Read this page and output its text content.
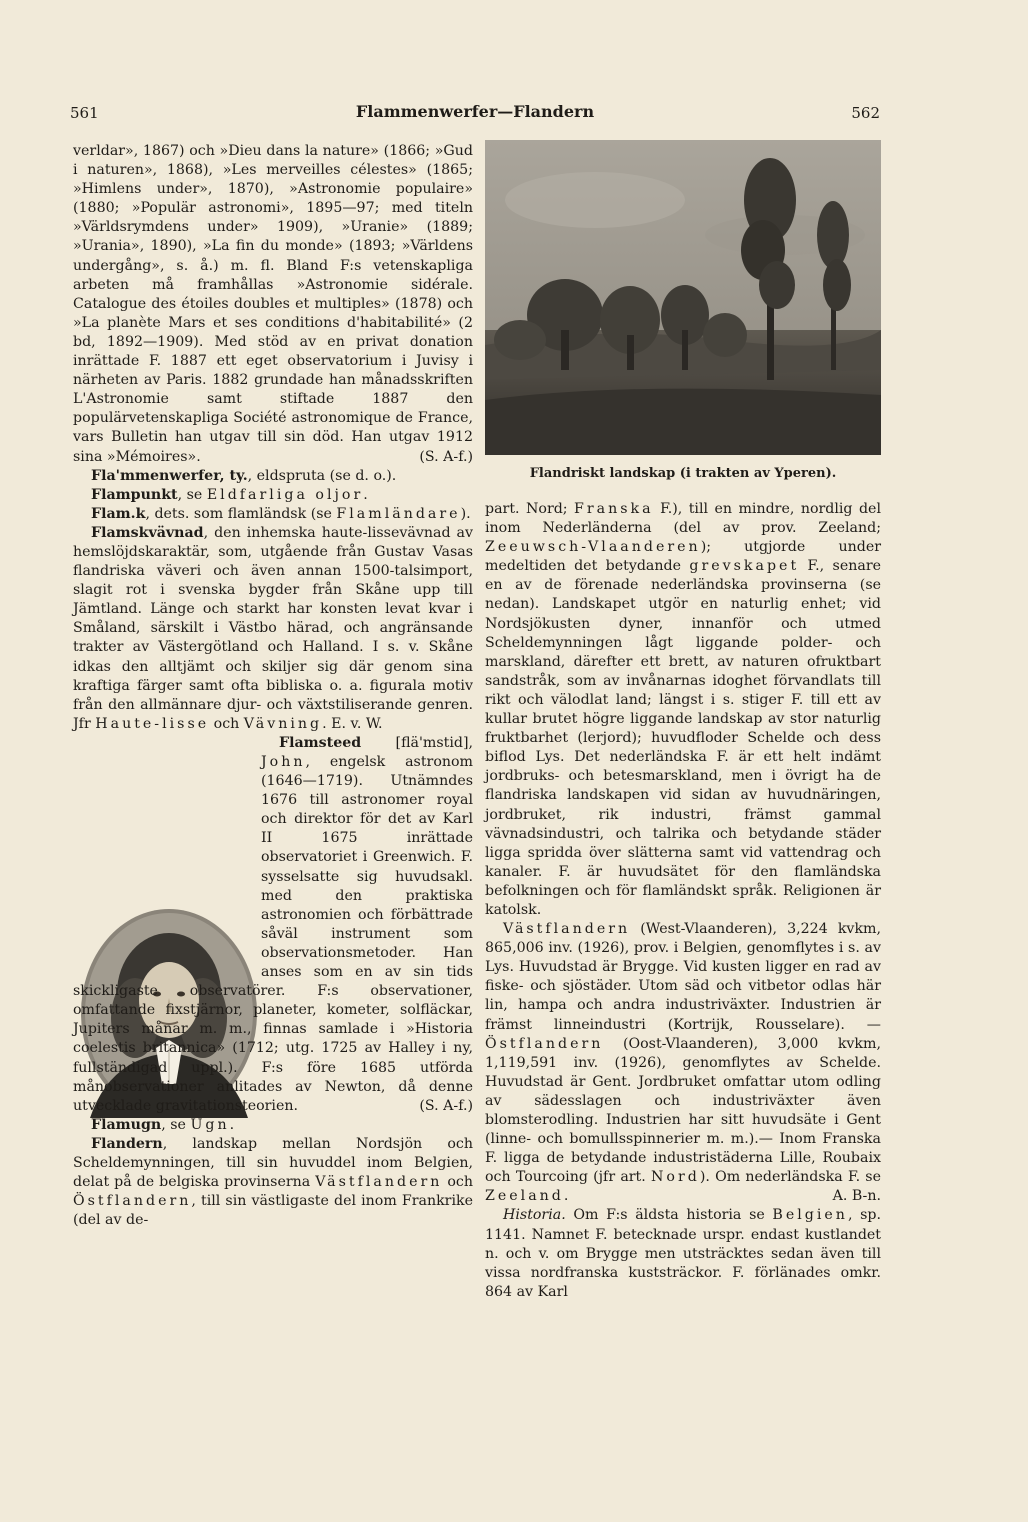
561	Flammenwerfer—Flandern	562
Flandriskt landskap (i trakten av Yperen).

verldar», 1867) och »Dieu dans la nature» (1866; »Gud i naturen», 1868), »Les merveilles célestes» (1865; »Himlens under», 1870), »Astronomie populaire» (1880; »Populär astronomi», 1895—97; med titeln »Världsrymdens under» 1909), »Uranie» (1889; »Urania», 1890), »La fin du monde» (1893; »Världens undergång», s. å.) m. fl. Bland F:s vetenskapliga arbeten må framhållas »Astronomie sidérale. Catalogue des étoiles doubles et multiples» (1878) och »La planète Mars et ses conditions d'habitabilité» (2 bd, 1892—1909). Med stöd av en privat donation inrättade F. 1887 ett eget observatorium i Juvisy i närheten av Paris. 1882 grundade han månadsskriften L'Astronomie samt stiftade 1887 den populärvetenskapliga Société astronomique de France, vars Bulletin han utgav till sin död. Han utgav 1912 sina »Mémoires».	(S. A-f.)

Fla'mmenwerfer, ty., eldspruta (se d. o.).

Flampunkt, se Eldfarliga oljor.

Flam.k, dets. som flamländsk (se Flamländare).

Flamskvävnad, den inhemska haute-lissevävnad av hemslöjdskaraktär, som, utgående från Gustav Vasas flandriska väveri och även annan 1500-talsimport, slagit rot i svenska bygder från Skåne upp till Jämtland. Länge och starkt har konsten levat kvar i Småland, särskilt i Västbo härad, och angränsande trakter av Västergötland och Halland. I s. v. Skåne idkas den alltjämt och skiljer sig där genom sina kraftiga färger samt ofta bibliska o. a. figurala motiv från den allmännare djur- och växtstiliserande genren. Jfr Haute-lisse och Vävning. E. v. W.

Flamsteed [flä'mstid], John, engelsk astronom (1646—1719). Utnämndes 1676 till astronomer royal och direktor för det av Karl II 1675 inrättade observatoriet i Greenwich. F. sysselsatte sig huvudsakl. med den praktiska astronomien och förbättrade såväl instrument som observationsmetoder. Han anses som en av sin tids skickligaste observatörer. F:s observationer, omfattande fixstjärnor, planeter, kometer, solfläckar, Jupiters månar m. m., finnas samlade i »Historia coelestis britannica» (1712; utg. 1725 av Halley i ny, fullständigad uppl.). F:s före 1685 utförda månobservationer anlitades av Newton, då denne utvecklade gravitationsteorien.	(S. A-f.)

Flamugn, se Ugn.

Flandern, landskap mellan Nordsjön och Scheldemynningen, till sin huvuddel inom Belgien, delat på de belgiska provinserna Västflandern och Östflandern, till sin västligaste del inom Frankrike (del av de-

part. Nord; Franska F.), till en mindre, nordlig del inom Nederländerna (del av prov. Zeeland; Zeeuwsch-Vlaanderen); utgjorde under medeltiden det betydande grevskapet F., senare en av de förenade nederländska provinserna (se nedan). Landskapet utgör en naturlig enhet; vid Nordsjökusten dyner, innanför och utmed Scheldemynningen lågt liggande polder- och marskland, därefter ett brett, av naturen ofruktbart sandstråk, som av invånarnas idoghet förvandlats till rikt och välodlat land; längst i s. stiger F. till ett av kullar brutet högre liggande landskap av stor naturlig fruktbarhet (lerjord); huvudfloder Schelde och dess biflod Lys. Det nederländska F. är ett helt indämt jordbruks- och betesmarskland, men i övrigt ha de flandriska landskapen vid sidan av huvudnäringen, jordbruket, rik industri, främst gammal vävnadsindustri, och talrika och betydande städer ligga spridda över slätterna samt vid vattendrag och kanaler. F. är huvudsätet för den flamländska befolkningen och för flamländskt språk. Religionen är katolsk.

Västflandern (West-Vlaanderen), 3,224 kvkm, 865,006 inv. (1926), prov. i Belgien, genomflytes i s. av Lys. Huvudstad är Brygge. Vid kusten ligger en rad av fiske- och sjöstäder. Utom säd och vitbetor odlas här lin, hampa och andra industriväxter. Industrien är främst linneindustri (Kortrijk, Rousselare). — Östflandern (Oost-Vlaanderen), 3,000 kvkm, 1,119,591 inv. (1926), genomflytes av Schelde. Huvudstad är Gent. Jordbruket omfattar utom odling av sädesslagen och industriväxter även blomsterodling. Industrien har sitt huvudsäte i Gent (linne- och bomullsspinnerier m. m.).— Inom Franska F. ligga de betydande industristäderna Lille, Roubaix och Tourcoing (jfr art. Nord). Om nederländska F. se Zeeland.	A. B-n.

Historia. Om F:s äldsta historia se Belgien, sp. 1141. Namnet F. betecknade urspr. endast kustlandet n. och v. om Brygge men utsträcktes sedan även till vissa nordfranska kuststräckor. F. förlänades omkr. 864 av Karl
